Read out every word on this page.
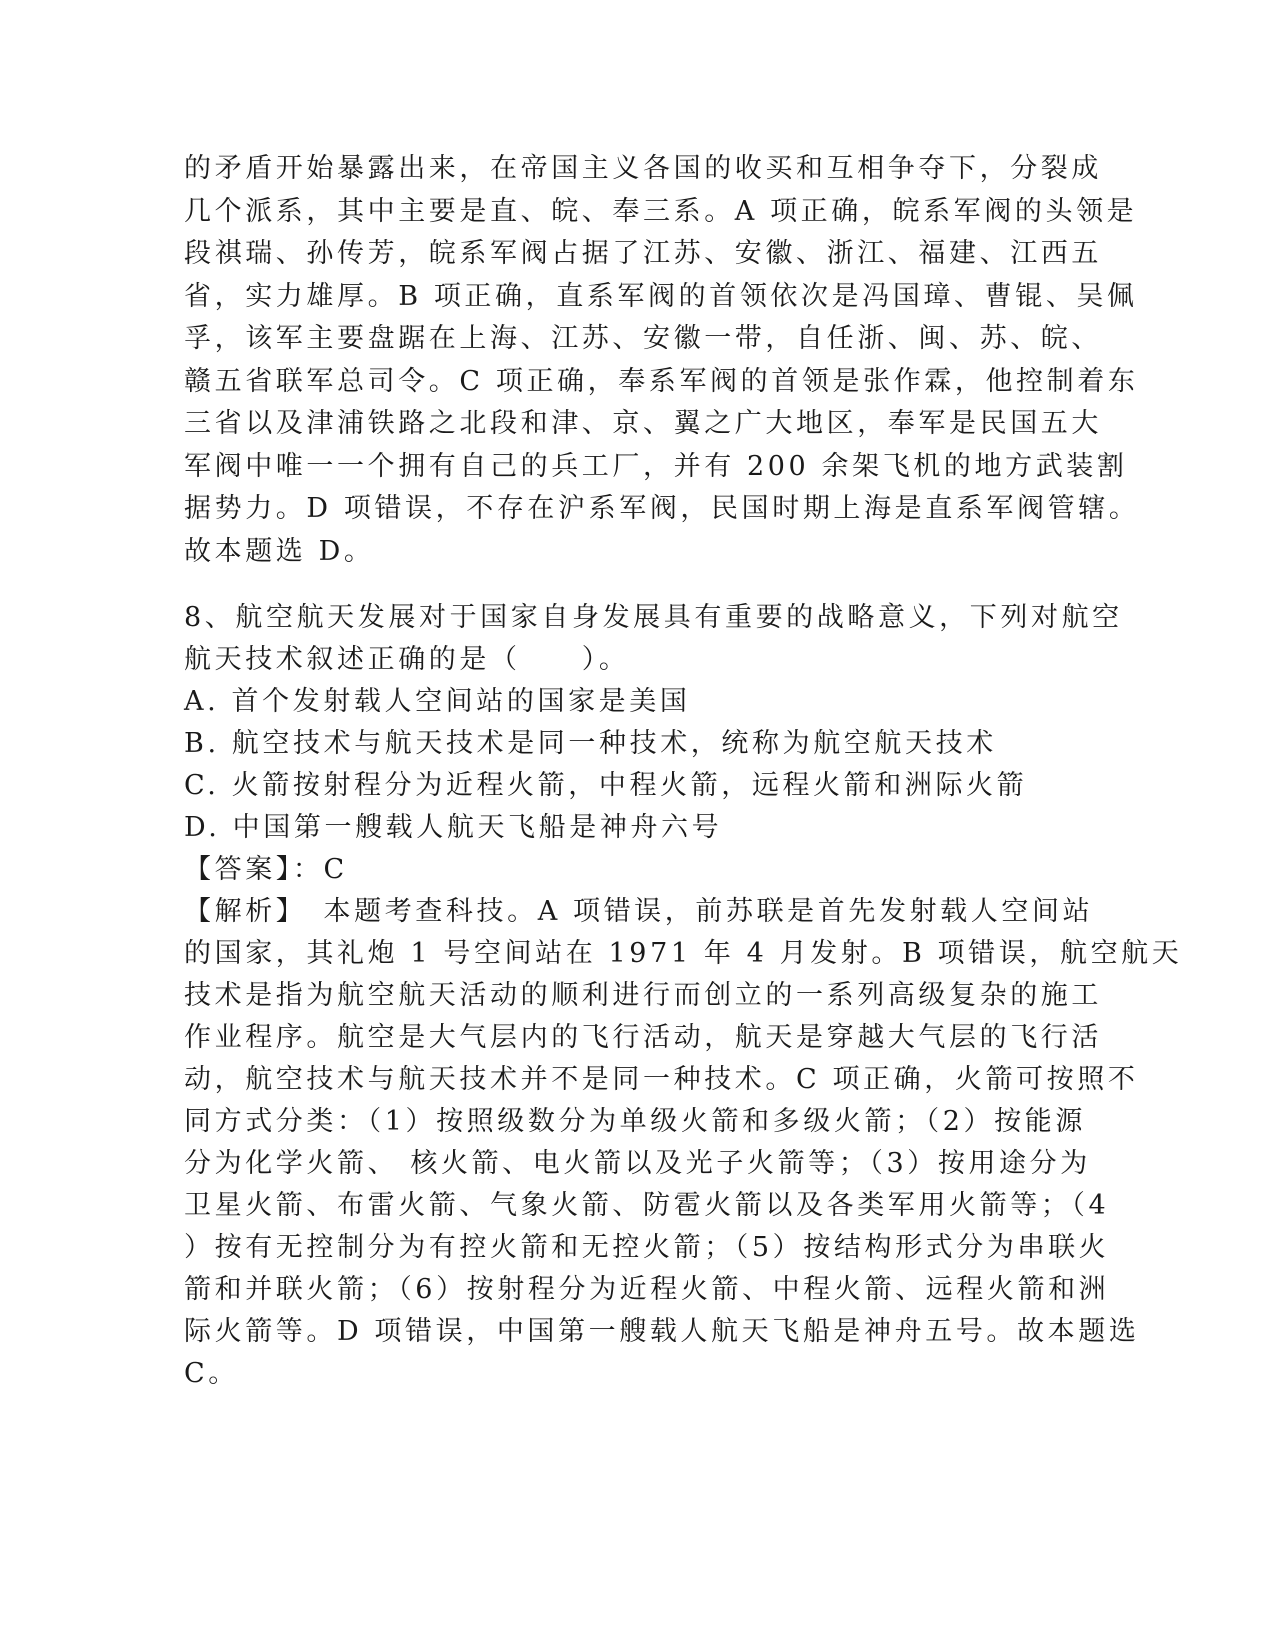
的矛盾开始暴露出来，在帝国主义各国的收买和互相争夺下，分裂成

几个派系，其中主要是直、皖、奉三系。A 项正确，皖系军阀的头领是

段祺瑞、孙传芳，皖系军阀占据了江苏、安徽、浙江、福建、江西五

省，实力雄厚。B 项正确，直系军阀的首领依次是冯国璋、曹锟、吴佩

孚，该军主要盘踞在上海、江苏、安徽一带，自任浙、闽、苏、皖、

赣五省联军总司令。C 项正确，奉系军阀的首领是张作霖，他控制着东

三省以及津浦铁路之北段和津、京、翼之广大地区，奉军是民国五大

军阀中唯一一个拥有自己的兵工厂，并有 200 余架飞机的地方武装割

据势力。D 项错误，不存在沪系军阀，民国时期上海是直系军阀管辖。

故本题选 D。

8、航空航天发展对于国家自身发展具有重要的战略意义，下列对航空

航天技术叙述正确的是（　　）。

A. 首个发射载人空间站的国家是美国

B. 航空技术与航天技术是同一种技术，统称为航空航天技术

C. 火箭按射程分为近程火箭，中程火箭，远程火箭和洲际火箭

D. 中国第一艘载人航天飞船是神舟六号

【答案】：C

【解析】　本题考查科技。A 项错误，前苏联是首先发射载人空间站

的国家，其礼炮 1 号空间站在 1971 年 4 月发射。B 项错误，航空航天

技术是指为航空航天活动的顺利进行而创立的一系列高级复杂的施工

作业程序。航空是大气层内的飞行活动，航天是穿越大气层的飞行活

动，航空技术与航天技术并不是同一种技术。C 项正确，火箭可按照不

同方式分类：（1）按照级数分为单级火箭和多级火箭；（2）按能源

分为化学火箭、 核火箭、电火箭以及光子火箭等；（3）按用途分为

卫星火箭、布雷火箭、气象火箭、防雹火箭以及各类军用火箭等；（4

）按有无控制分为有控火箭和无控火箭；（5）按结构形式分为串联火

箭和并联火箭；（6）按射程分为近程火箭、中程火箭、远程火箭和洲

际火箭等。D 项错误，中国第一艘载人航天飞船是神舟五号。故本题选

C。
